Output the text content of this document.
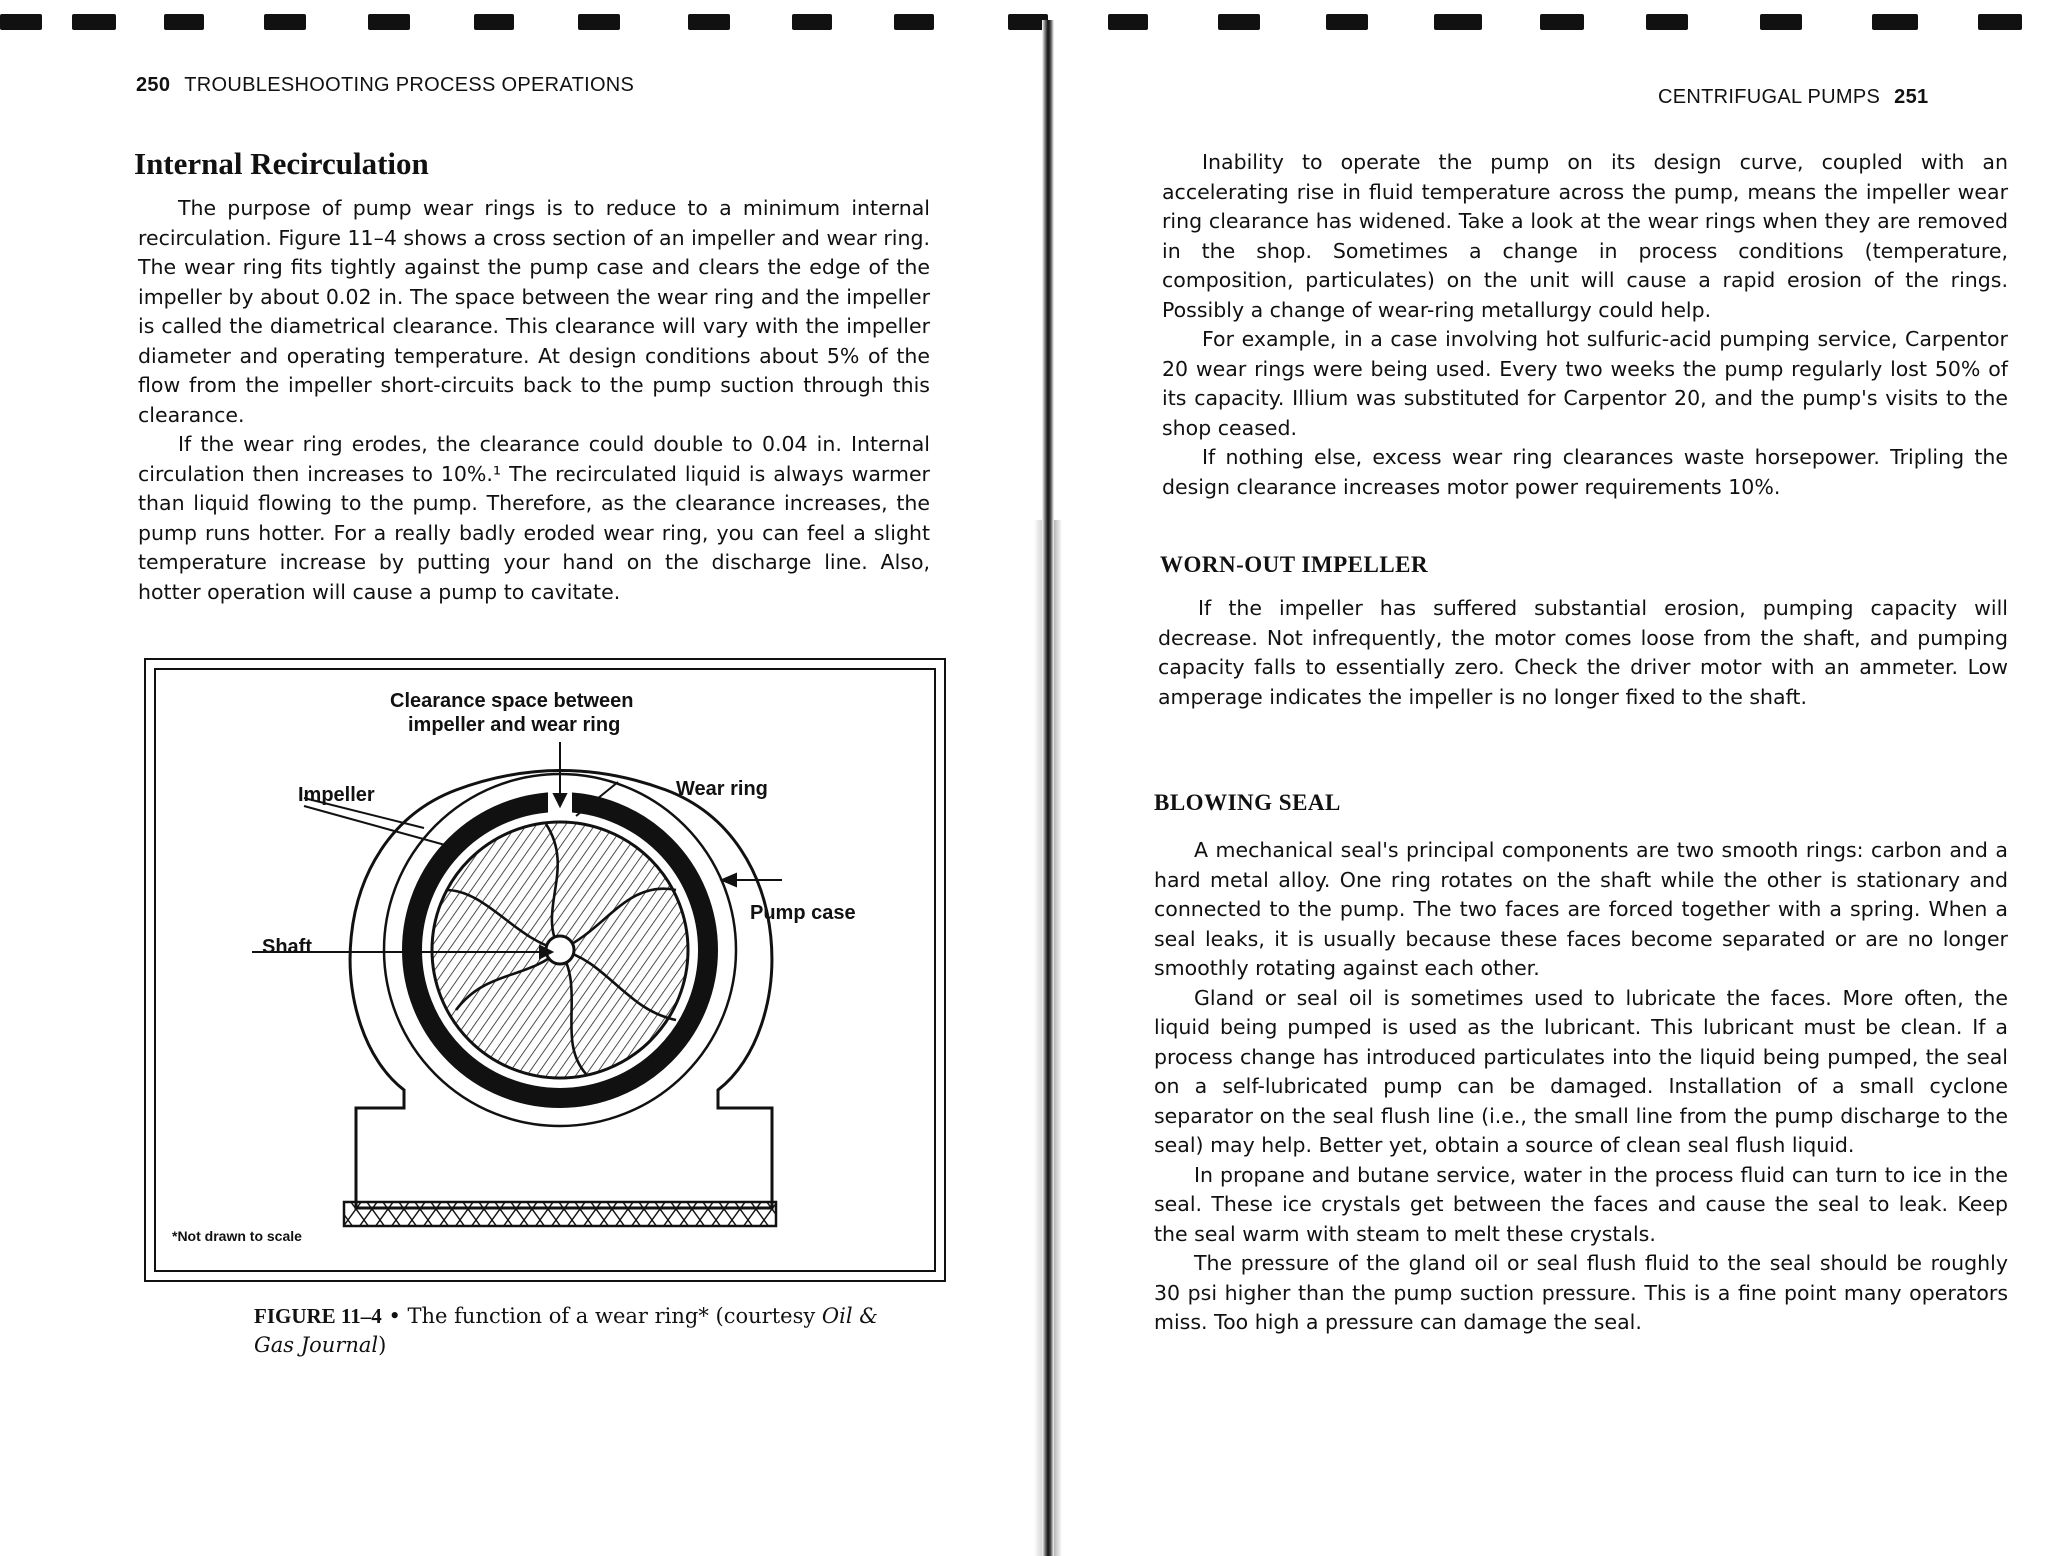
250 TROUBLESHOOTING PROCESS OPERATIONS
Internal Recirculation

The purpose of pump wear rings is to reduce to a minimum internal recirculation. Figure 11–4 shows a cross section of an impeller and wear ring. The wear ring fits tightly against the pump case and clears the edge of the impeller by about 0.02 in. The space between the wear ring and the impeller is called the diametrical clearance. This clearance will vary with the impeller diameter and operating temperature. At design conditions about 5% of the flow from the impeller short-circuits back to the pump suction through this clearance.

If the wear ring erodes, the clearance could double to 0.04 in. Internal circulation then increases to 10%.¹ The recirculated liquid is always warmer than liquid flowing to the pump. Therefore, as the clearance increases, the pump runs hotter. For a really badly eroded wear ring, you can feel a slight temperature increase by putting your hand on the discharge line. Also, hotter operation will cause a pump to cavitate.

Clearance space between
impeller and wear ring
Impeller	Wear ring
Pump case
Shaft
*Not drawn to scale
FIGURE 11–4 • The function of a wear ring* (courtesy Oil & Gas Journal)
CENTRIFUGAL PUMPS 251

Inability to operate the pump on its design curve, coupled with an accelerating rise in fluid temperature across the pump, means the impeller wear ring clearance has widened. Take a look at the wear rings when they are removed in the shop. Sometimes a change in process conditions (temperature, composition, particulates) on the unit will cause a rapid erosion of the rings. Possibly a change of wear-ring metallurgy could help.

For example, in a case involving hot sulfuric-acid pumping service, Carpentor 20 wear rings were being used. Every two weeks the pump regularly lost 50% of its capacity. Illium was substituted for Carpentor 20, and the pump's visits to the shop ceased.

If nothing else, excess wear ring clearances waste horsepower. Tripling the design clearance increases motor power requirements 10%.

WORN-OUT IMPELLER

If the impeller has suffered substantial erosion, pumping capacity will decrease. Not infrequently, the motor comes loose from the shaft, and pumping capacity falls to essentially zero. Check the driver motor with an ammeter. Low amperage indicates the impeller is no longer fixed to the shaft.

BLOWING SEAL

A mechanical seal's principal components are two smooth rings: carbon and a hard metal alloy. One ring rotates on the shaft while the other is stationary and connected to the pump. The two faces are forced together with a spring. When a seal leaks, it is usually because these faces become separated or are no longer smoothly rotating against each other.

Gland or seal oil is sometimes used to lubricate the faces. More often, the liquid being pumped is used as the lubricant. This lubricant must be clean. If a process change has introduced particulates into the liquid being pumped, the seal on a self-lubricated pump can be damaged. Installation of a small cyclone separator on the seal flush line (i.e., the small line from the pump discharge to the seal) may help. Better yet, obtain a source of clean seal flush liquid.

In propane and butane service, water in the process fluid can turn to ice in the seal. These ice crystals get between the faces and cause the seal to leak. Keep the seal warm with steam to melt these crystals.

The pressure of the gland oil or seal flush fluid to the seal should be roughly 30 psi higher than the pump suction pressure. This is a fine point many operators miss. Too high a pressure can damage the seal.
